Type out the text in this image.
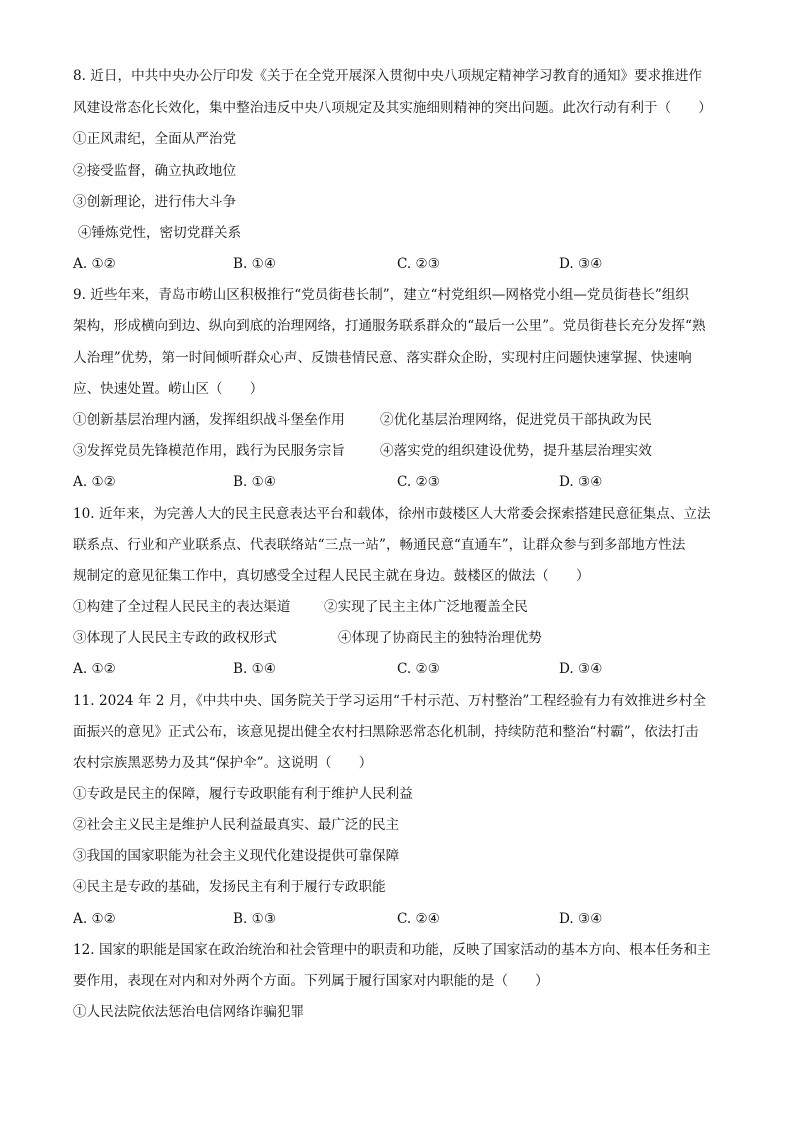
8. 近日，中共中央办公厅印发《关于在全党开展深入贯彻中央八项规定精神学习教育的通知》要求推进作
风建设常态化长效化，集中整治违反中央八项规定及其实施细则精神的突出问题。此次行动有利于（　　）
①正风肃纪，全面从严治党
②接受监督，确立执政地位
③创新理论，进行伟大斗争
④锤炼党性，密切党群关系
A. ①②	B. ①④	C. ②③	D. ③④
9. 近些年来，青岛市崂山区积极推行“党员街巷长制”，建立“村党组织—网格党小组—党员街巷长”组织
架构，形成横向到边、纵向到底的治理网络，打通服务联系群众的“最后一公里”。党员街巷长充分发挥“熟
人治理”优势，第一时间倾听群众心声、反馈巷情民意、落实群众企盼，实现村庄问题快速掌握、快速响
应、快速处置。崂山区（　　）
①创新基层治理内涵，发挥组织战斗堡垒作用	②优化基层治理网络，促进党员干部执政为民
③发挥党员先锋模范作用，践行为民服务宗旨	④落实党的组织建设优势，提升基层治理实效
A. ①②	B. ①④	C. ②③	D. ③④
10. 近年来，为完善人大的民主民意表达平台和载体，徐州市鼓楼区人大常委会探索搭建民意征集点、立法
联系点、行业和产业联系点、代表联络站“三点一站”，畅通民意“直通车”，让群众参与到多部地方性法
规制定的意见征集工作中，真切感受全过程人民民主就在身边。鼓楼区的做法（　　）
①构建了全过程人民民主的表达渠道 ②实现了民主主体广泛地覆盖全民
③体现了人民民主专政的政权形式	④体现了协商民主的独特治理优势
A. ①②	B. ①④	C. ②③	D. ③④
11. 2024 年 2 月，《中共中央、国务院关于学习运用“千村示范、万村整治”工程经验有力有效推进乡村全
面振兴的意见》正式公布，该意见提出健全农村扫黑除恶常态化机制，持续防范和整治“村霸”，依法打击
农村宗族黑恶势力及其“保护伞”。这说明（　　）
①专政是民主的保障，履行专政职能有利于维护人民利益
②社会主义民主是维护人民利益最真实、最广泛的民主
③我国的国家职能为社会主义现代化建设提供可靠保障
④民主是专政的基础，发扬民主有利于履行专政职能
A. ①②	B. ①③	C. ②④	D. ③④
12. 国家的职能是国家在政治统治和社会管理中的职责和功能，反映了国家活动的基本方向、根本任务和主
要作用，表现在对内和对外两个方面。下列属于履行国家对内职能的是（　　）
①人民法院依法惩治电信网络诈骗犯罪
